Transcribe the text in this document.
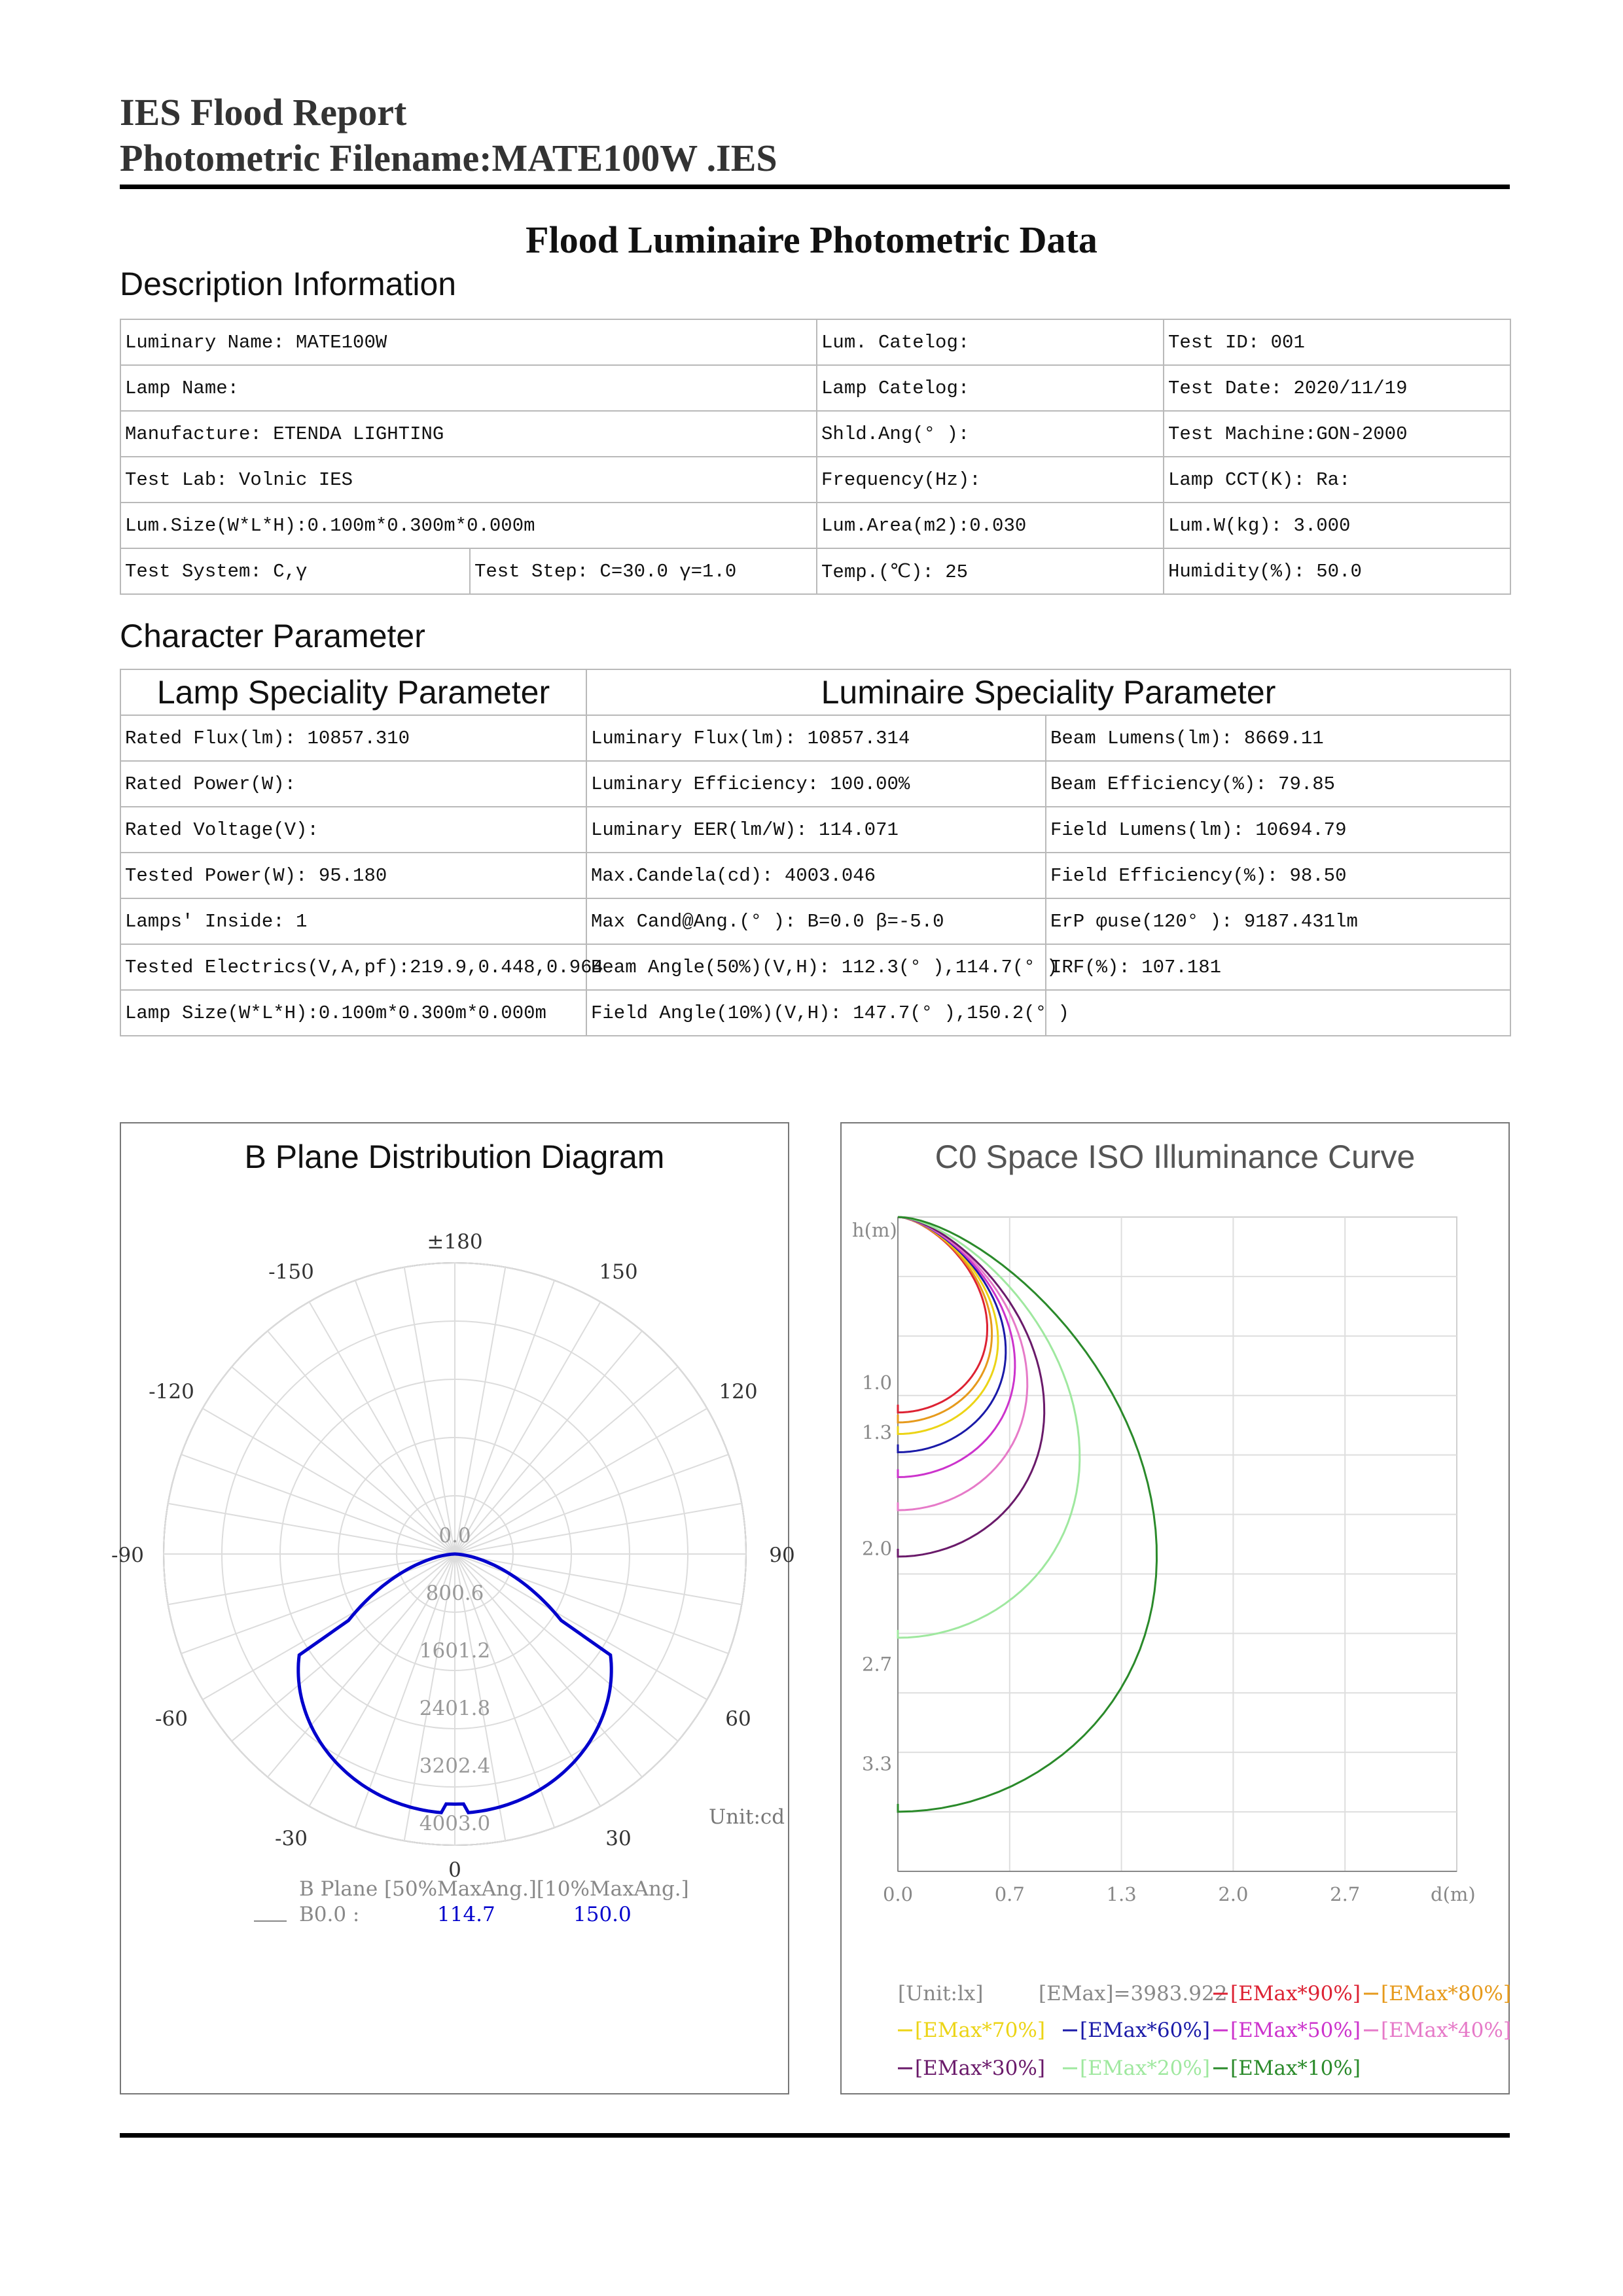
IES Flood Report
Photometric Filename:MATE100W .IES
Flood Luminaire Photometric Data
Description Information
Luminary Name: MATE100W		Lum. Catelog:	Test ID: 001
Lamp Name:		Lamp Catelog:	Test Date: 2020/11/19
Manufacture: ETENDA LIGHTING		Shld.Ang(° ):	Test Machine:GON-2000
Test Lab: Volnic IES		Frequency(Hz):	Lamp CCT(K): Ra:
Lum.Size(W*L*H):0.100m*0.300m*0.000m		Lum.Area(m2):0.030	Lum.W(kg): 3.000
Test System: C,γ	Test Step: C=30.0 γ=1.0	Temp.(℃): 25	Humidity(%): 50.0
Character Parameter
Lamp Speciality Parameter	Luminaire Speciality Parameter	
Rated Flux(lm): 10857.310	Luminary Flux(lm): 10857.314	Beam Lumens(lm): 8669.11
Rated Power(W):	Luminary Efficiency: 100.00%	Beam Efficiency(%): 79.85
Rated Voltage(V):	Luminary EER(lm/W): 114.071	Field Lumens(lm): 10694.79
Tested Power(W): 95.180	Max.Candela(cd): 4003.046	Field Efficiency(%): 98.50
Lamps' Inside: 1	Max Cand@Ang.(° ): B=0.0 β=-5.0	ErP φuse(120° ): 9187.431lm
Tested Electrics(V,A,pf):219.9,0.448,0.964	Beam Angle(50%)(V,H): 112.3(° ),114.7(° )	IRF(%): 107.181
Lamp Size(W*L*H):0.100m*0.300m*0.000m	Field Angle(10%)(V,H): 147.7(° ),150.2(° )	
B Plane Distribution Diagram
±180
-150	150
-120	120
-90	90
-60	60
-30	30
0
0.0
800.6
1601.2
2401.8
3202.4
4003.0	Unit:cd
B Plane [50%MaxAng.][10%MaxAng.]
B0.0 :	114.7	150.0
C0 Space ISO Illuminance Curve
h(m)
d(m)
1.0
1.3
2.0
2.7
3.3
0.0	0.7	1.3	2.0	2.7
[Unit:lx]	[EMax]=3983.922 [EMax*90%] [EMax*80%]
[EMax*70%] [EMax*60%] [EMax*50%] [EMax*40%]
[EMax*30%] [EMax*20%] [EMax*10%]
